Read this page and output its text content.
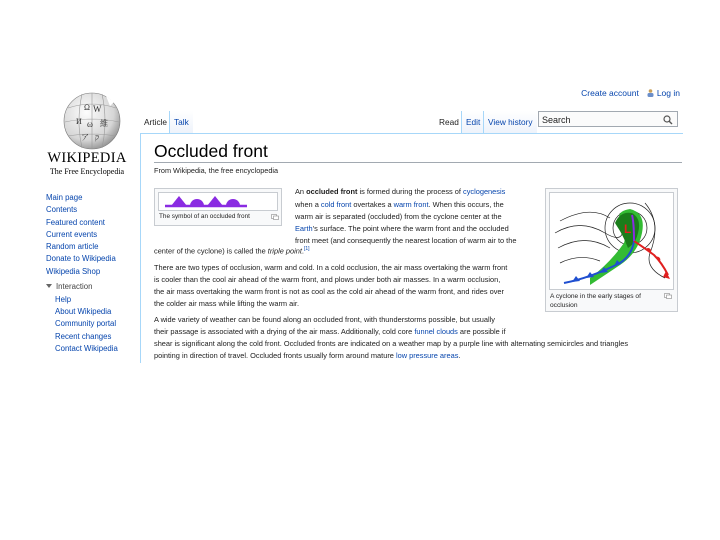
Create account	Log in
Ω W
И ω 維
ア ק
WIKIPEDIA
The Free Encyclopedia
Main page
Contents
Featured content
Current events
Random article
Donate to Wikipedia
Wikipedia Shop
Interaction
Help
About Wikipedia
Community portal
Recent changes
Contact Wikipedia
Article Talk	Read Edit View history	Search
Occluded front
From Wikipedia, the free encyclopedia
The symbol of an occluded front
L
A cyclone in the early stages of occlusion
An occluded front is formed during the process of cyclogenesis
when a cold front overtakes a warm front. When this occurs, the
warm air is separated (occluded) from the cyclone center at the
Earth's surface. The point where the warm front and the occluded
front meet (and consequently the nearest location of warm air to the
center of the cyclone) is called the triple point.[1]
There are two types of occlusion, warm and cold. In a cold occlusion, the air mass overtaking the warm front
is cooler than the cool air ahead of the warm front, and plows under both air masses. In a warm occlusion,
the air mass overtaking the warm front is not as cool as the cold air ahead of the warm front, and rides over
the colder air mass while lifting the warm air.
A wide variety of weather can be found along an occluded front, with thunderstorms possible, but usually
their passage is associated with a drying of the air mass. Additionally, cold core funnel clouds are possible if
shear is significant along the cold front. Occluded fronts are indicated on a weather map by a purple line with alternating semicircles and triangles
pointing in direction of travel. Occluded fronts usually form around mature low pressure areas.
